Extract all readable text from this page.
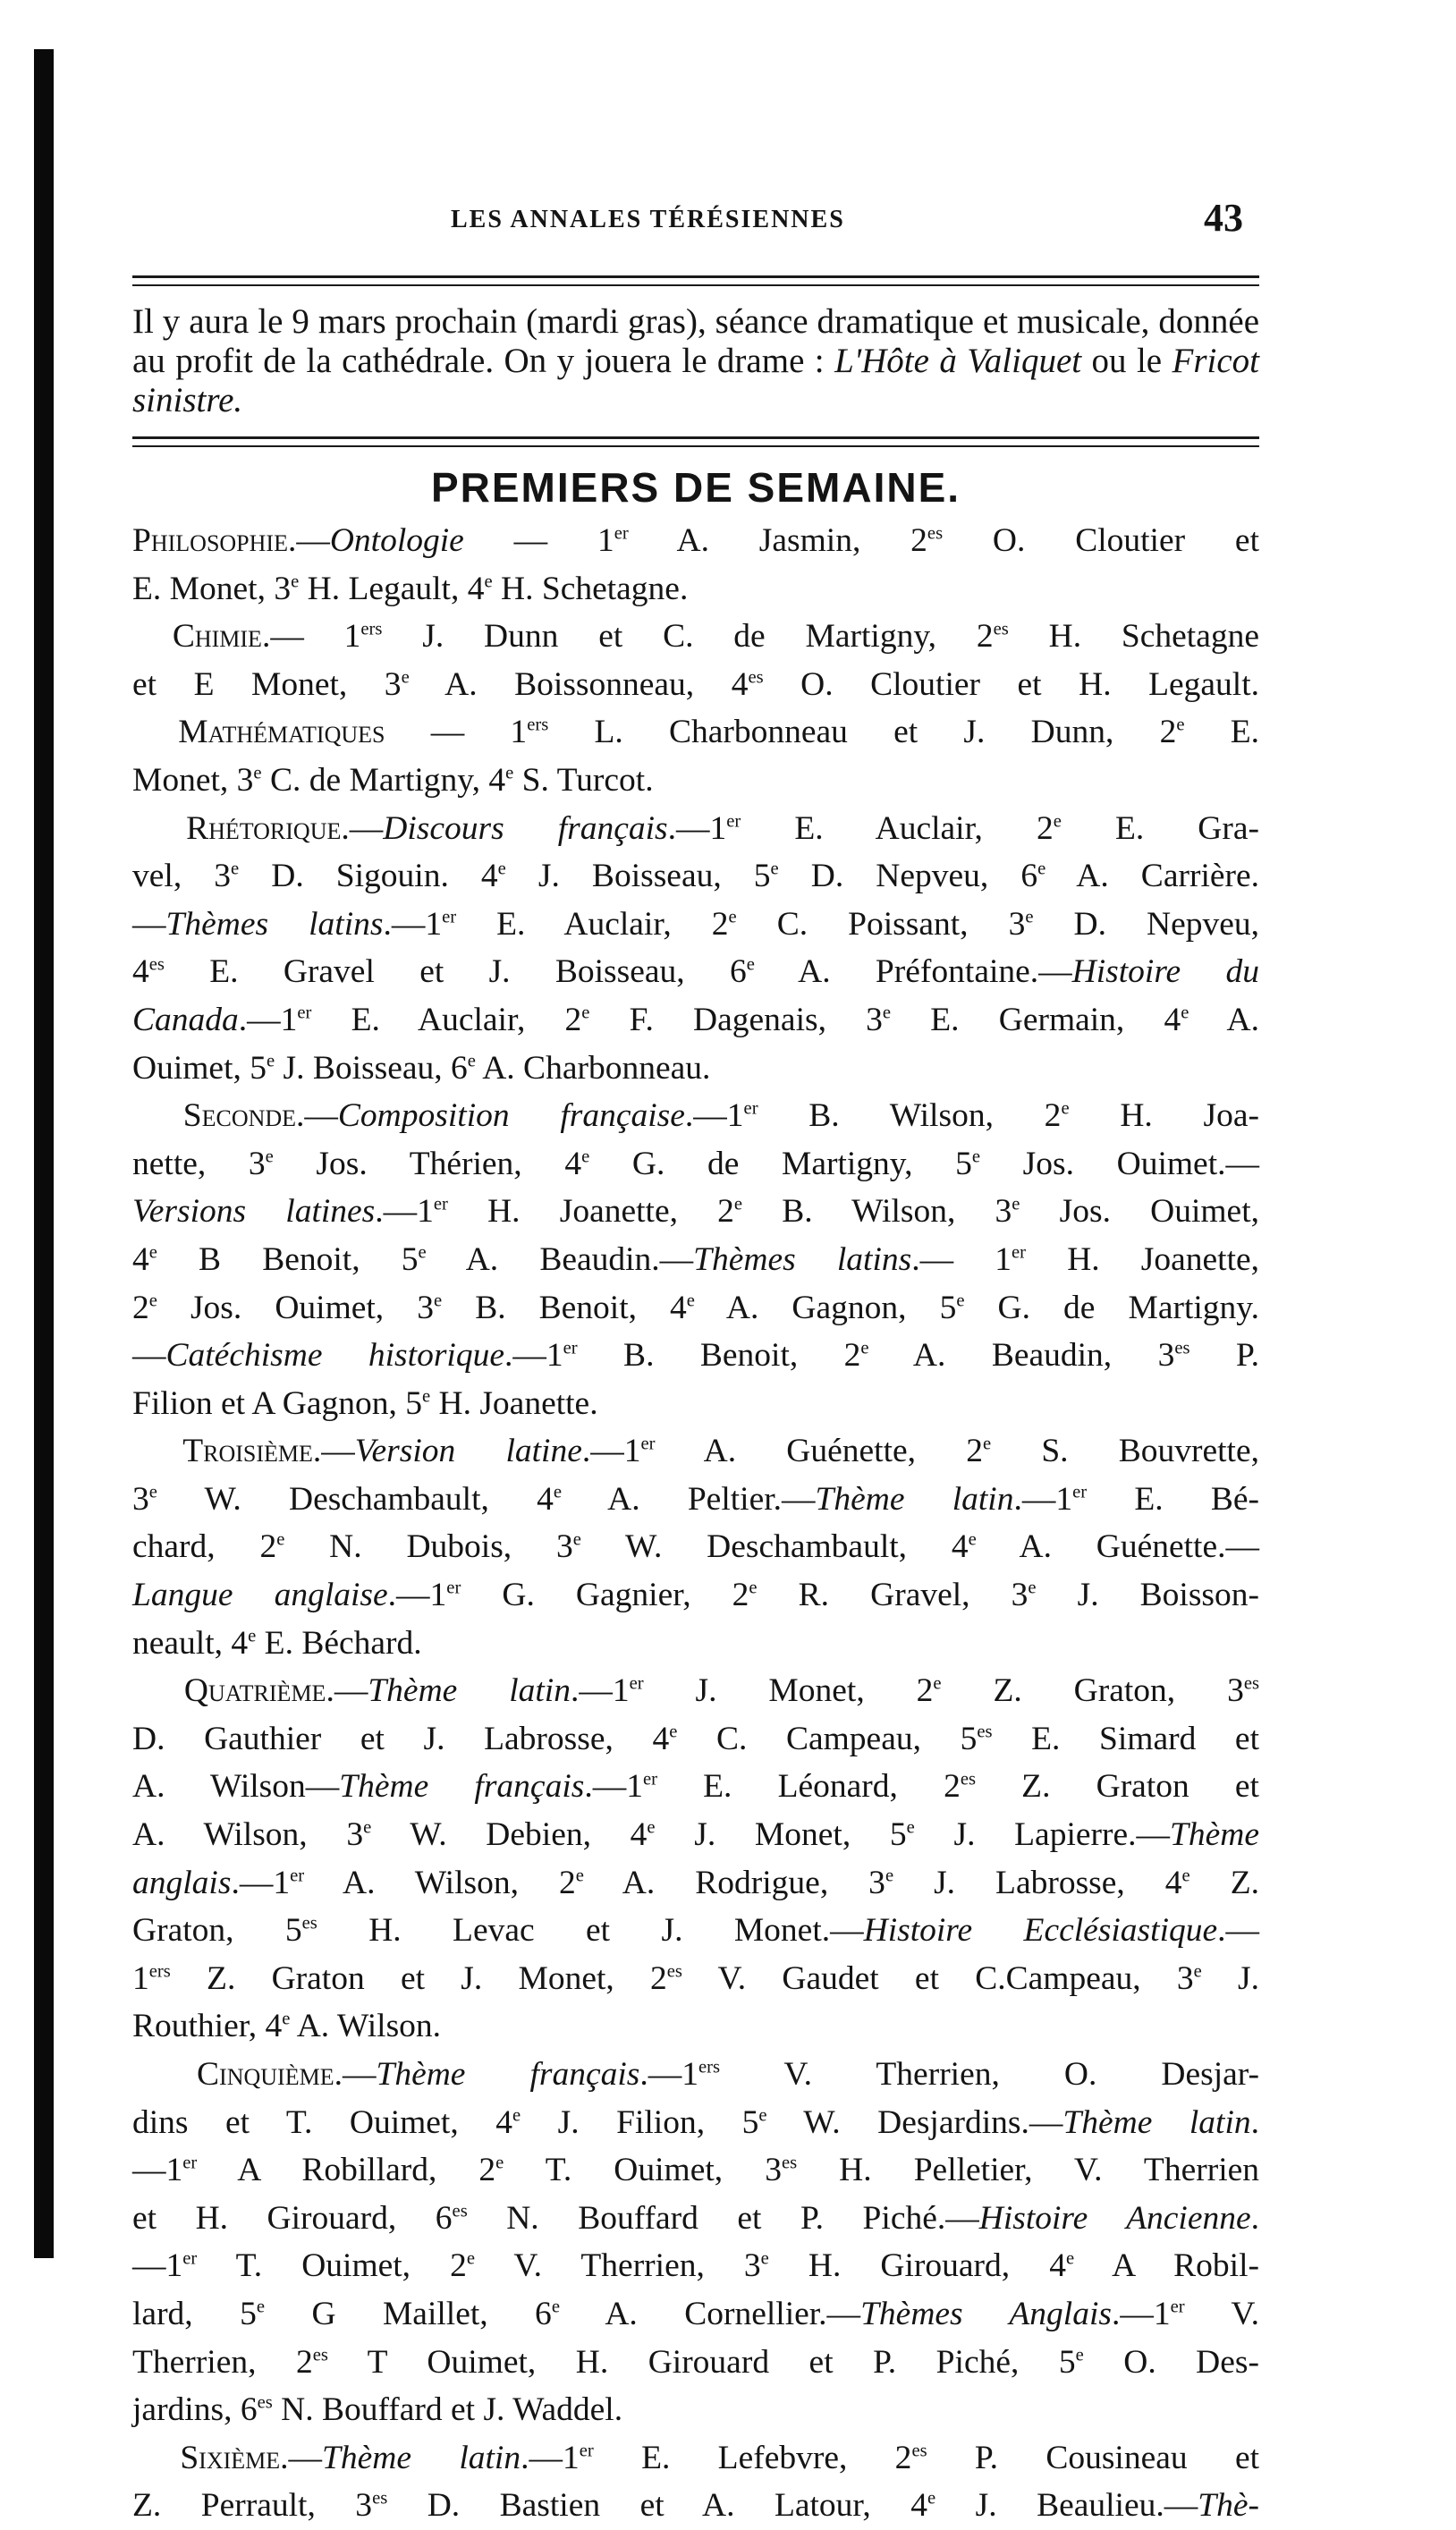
LES ANNALES TÉRÉSIENNES	43
Il y aura le 9 mars prochain (mardi gras), séance dramatique et musicale, donnée au profit de la cathédrale. On y jouera le drame : L'Hôte à Valiquet ou le Fricot sinistre.
PREMIERS DE SEMAINE.
Philosophie.—Ontologie — 1er A. Jasmin, $2^{es}$ O. Cloutier et
E. Monet, 3e H. Legault, 4e H. Schetagne.
Chimie.— 1ers J. Dunn et C. de Martigny, $2^{es}$ H. Schetagne
et E Monet, 3e A. Boissonneau, $4^{es}$ O. Cloutier et H. Legault.
Mathématiques — 1ers L. Charbonneau et J. Dunn, 2e E.
Monet, 3e C. de Martigny, 4e S. Turcot.
Rhétorique.—Discours français.—1er E. Auclair, 2e E. Gra-
vel, 3e D. Sigouin. 4e J. Boisseau, 5e D. Nepveu, 6e A. Carrière.
—Thèmes latins.—1er E. Auclair, 2e C. Poissant, 3e D. Nepveu,
$4^{es}$ E. Gravel et J. Boisseau, 6e A. Préfontaine.—Histoire du
Canada.—1er E. Auclair, 2e F. Dagenais, 3e E. Germain, 4e A.
Ouimet, 5e J. Boisseau, 6e A. Charbonneau.
Seconde.—Composition française.—1er B. Wilson, 2e H. Joa-
nette, 3e Jos. Thérien, 4e G. de Martigny, 5e Jos. Ouimet.—
Versions latines.—1er H. Joanette, 2e B. Wilson, 3e Jos. Ouimet,
4e B Benoit, 5e A. Beaudin.—Thèmes latins.— 1er H. Joanette,
2e Jos. Ouimet, 3e B. Benoit, 4e A. Gagnon, 5e G. de Martigny.
—Catéchisme historique.—1er B. Benoit, 2e A. Beaudin, $3^{es}$ P.
Filion et A Gagnon, 5e H. Joanette.
Troisième.—Version latine.—1er A. Guénette, 2e S. Bouvrette,
3e W. Deschambault, 4e A. Peltier.—Thème latin.—1er E. Bé-
chard, 2e N. Dubois, 3e W. Deschambault, 4e A. Guénette.—
Langue anglaise.—1er G. Gagnier, 2e R. Gravel, 3e J. Boisson-
neault, 4e E. Béchard.
Quatrième.—Thème latin.—1er J. Monet, 2e Z. Graton, $3^{es}$
D. Gauthier et J. Labrosse, 4e C. Campeau, $5^{es}$ E. Simard et
A. Wilson—Thème français.—1er E. Léonard, $2^{es}$ Z. Graton et
A. Wilson, 3e W. Debien, 4e J. Monet, 5e J. Lapierre.—Thème
anglais.—1er A. Wilson, 2e A. Rodrigue, 3e J. Labrosse, 4e Z.
Graton, $5^{es}$ H. Levac et J. Monet.—Histoire Ecclésiastique.—
1ers Z. Graton et J. Monet, $2^{es}$ V. Gaudet et C.Campeau, 3e J.
Routhier, 4e A. Wilson.
Cinquième.—Thème français.—1ers V. Therrien, O. Desjar-
dins et T. Ouimet, 4e J. Filion, 5e W. Desjardins.—Thème latin.
—1er A Robillard, 2e T. Ouimet, $3^{es}$ H. Pelletier, V. Therrien
et H. Girouard, $6^{es}$ N. Bouffard et P. Piché.—Histoire Ancienne.
—1er T. Ouimet, 2e V. Therrien, 3e H. Girouard, 4e A Robil-
lard, 5e G Maillet, 6e A. Cornellier.—Thèmes Anglais.—1er V.
Therrien, $2^{es}$ T Ouimet, H. Girouard et P. Piché, 5e O. Des-
jardins, $6^{es}$ N. Bouffard et J. Waddel.
Sixième.—Thème latin.—1er E. Lefebvre, $2^{es}$ P. Cousineau et
Z. Perrault, $3^{es}$ D. Bastien et A. Latour, 4e J. Beaulieu.—Thè-
